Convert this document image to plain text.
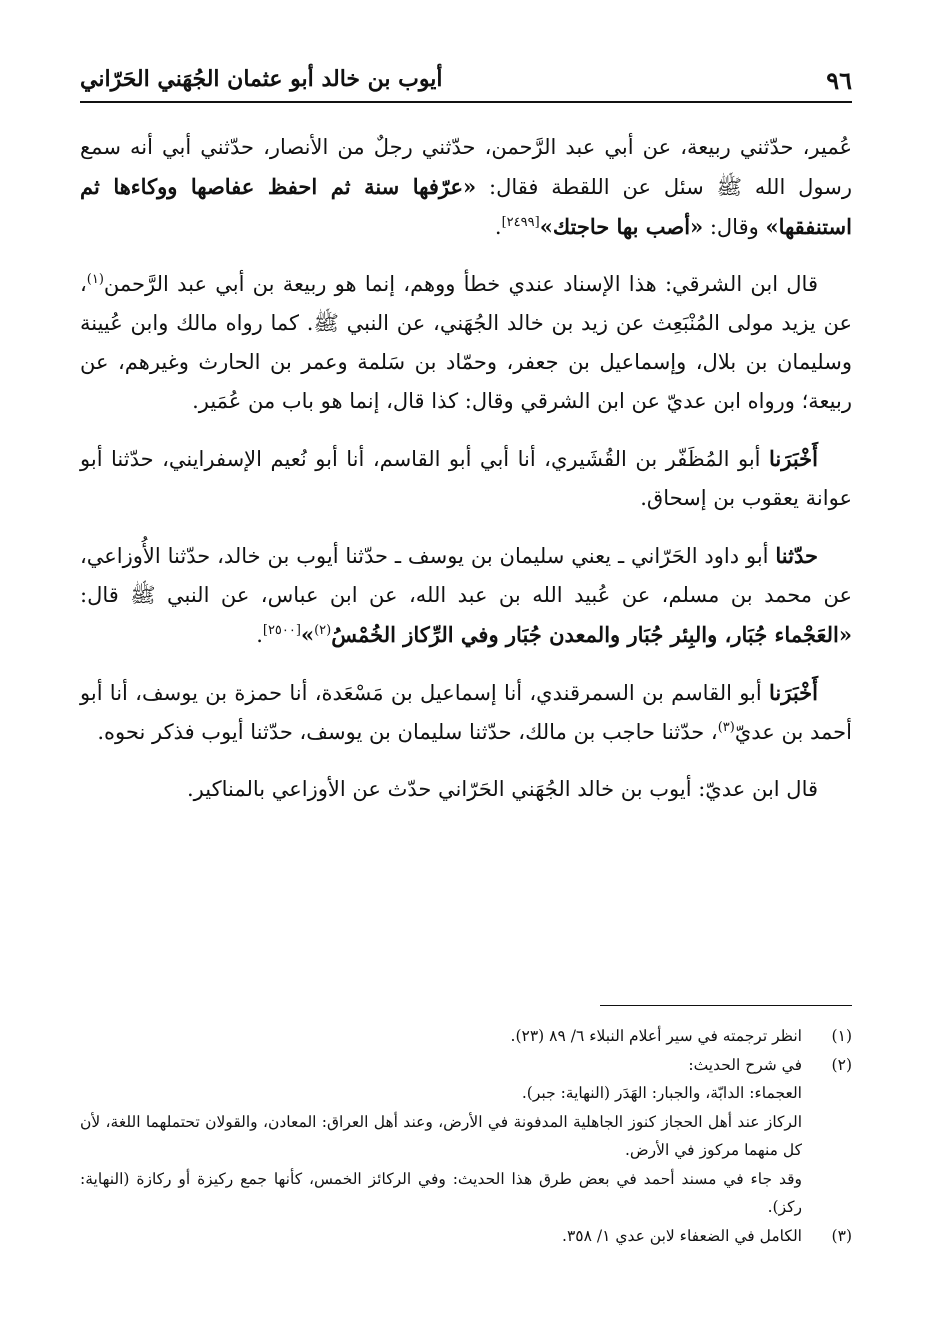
٩٦
أيوب بن خالد أبو عثمان الجُهَني الحَرّاني

عُمير، حدّثني ربيعة، عن أبي عبد الرَّحمن، حدّثني رجلٌ من الأنصار، حدّثني أبي أنه سمع رسول الله ﷺ سئل عن اللقطة فقال: «عرّفها سنة ثم احفظ عفاصها ووكاءها ثم استنفقها» وقال: «أصب بها حاجتك»[٢٤٩٩].

قال ابن الشرقي: هذا الإسناد عندي خطأ ووهم، إنما هو ربيعة بن أبي عبد الرَّحمن$^{(١)}$، عن يزيد مولى المُنْبَعِث عن زيد بن خالد الجُهَني، عن النبي ﷺ. كما رواه مالك وابن عُيينة وسليمان بن بلال، وإسماعيل بن جعفر، وحمّاد بن سَلمة وعمر بن الحارث وغيرهم، عن ربيعة؛ ورواه ابن عديّ عن ابن الشرقي وقال: كذا قال، إنما هو باب من عُمَير.

أَخْبَرَنا أبو المُظَفّر بن القُشَيري، أنا أبي أبو القاسم، أنا أبو نُعيم الإسفرايني، حدّثنا أبو عوانة يعقوب بن إسحاق.

حدّثنا أبو داود الحَرّاني ـ يعني سليمان بن يوسف ـ حدّثنا أيوب بن خالد، حدّثنا الأُوزاعي، عن محمد بن مسلم، عن عُبيد الله بن عبد الله، عن ابن عباس، عن النبي ﷺ قال: «العَجْماء جُبَار، والبِئر جُبَار والمعدن جُبَار وفي الرِّكاز الخُمْسُ$^{(٢)}$»[٢٥٠٠].

أَخْبَرَنا أبو القاسم بن السمرقندي، أنا إسماعيل بن مَسْعَدة، أنا حمزة بن يوسف، أنا أبو أحمد بن عديّ$^{(٣)}$، حدّثنا حاجب بن مالك، حدّثنا سليمان بن يوسف، حدّثنا أيوب فذكر نحوه.

قال ابن عديّ: أيوب بن خالد الجُهَني الحَرّاني حدّث عن الأوزاعي بالمناكير.

(١)
انظر ترجمته في سير أعلام النبلاء ٦/ ٨٩ (٢٣).
(٢)
في شرح الحديث:
العجماء: الدابّة، والجبار: الهَدَر (النهاية: جبر).
الركاز عند أهل الحجاز كنوز الجاهلية المدفونة في الأرض، وعند أهل العراق: المعادن، والقولان تحتملهما اللغة، لأن كل منهما مركوز في الأرض.
وقد جاء في مسند أحمد في بعض طرق هذا الحديث: وفي الركائز الخمس، كأنها جمع ركيزة أو ركازة (النهاية: ركز).
(٣)
الكامل في الضعفاء لابن عدي ١/ ٣٥٨.
